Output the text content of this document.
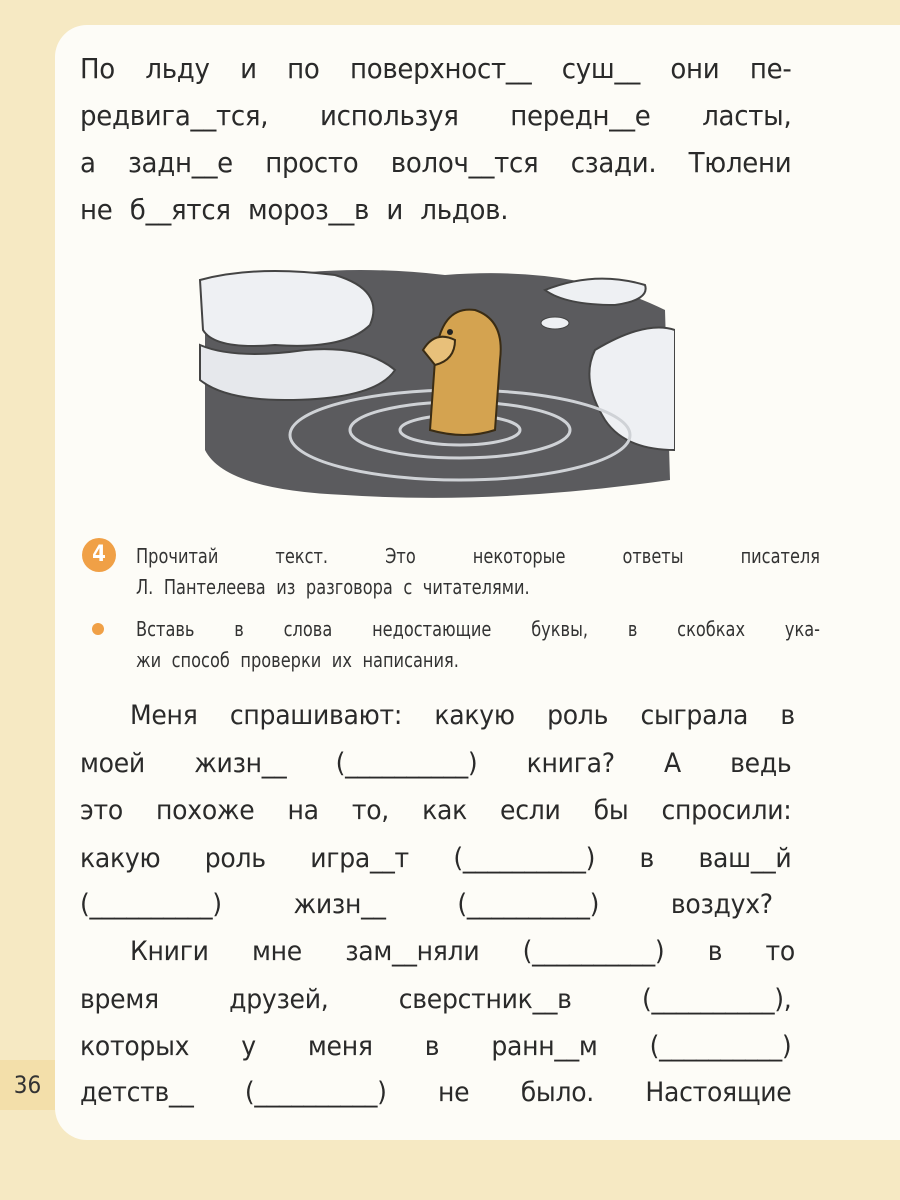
По льду и по поверхност__ суш__ они пе-
редвига__тся, используя передн__е ласты,
а задн__е просто волоч__тся сзади. Тюлени
не б__ятся мороз__в и льдов.
4	Прочитай текст. Это некоторые ответы писателя
Л. Пантелеева из разговора с читателями.
Вставь в слова недостающие буквы, в скобках ука-
жи способ проверки их написания.
Меня спрашивают: какую роль сыграла в
моей жизн__ (__________) книга? А ведь
это похоже на то, как если бы спросили:
какую роль игра__т (__________) в ваш__й
(__________) жизн__ (__________) воздух?
Книги мне зам__няли (__________) в то
время друзей, сверстник__в (__________),
которых у меня в ранн__м (__________)
детств__ (__________) не было. Настоящие
36
